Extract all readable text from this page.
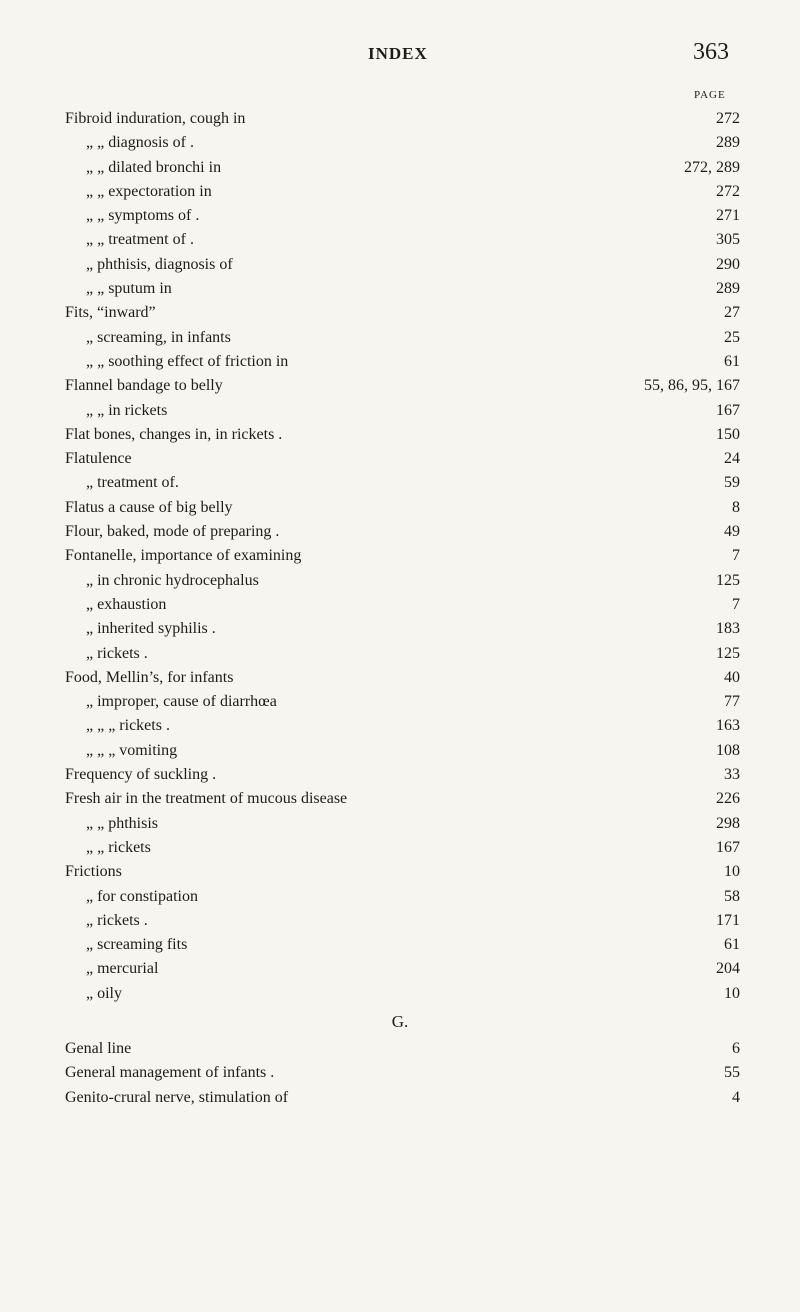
INDEX	363
PAGE
Fibroid induration, cough in	272
„ „ diagnosis of .	289
„ „ dilated bronchi in	272, 289
„ „ expectoration in	272
„ „ symptoms of .	271
„ „ treatment of .	305
„ phthisis, diagnosis of	290
„ „ sputum in	289
Fits, “inward”	27
„ screaming, in infants	25
„ „ soothing effect of friction in	61
Flannel bandage to belly	55, 86, 95, 167
„ „ in rickets	167
Flat bones, changes in, in rickets .	150
Flatulence	24
„ treatment of.	59
Flatus a cause of big belly	8
Flour, baked, mode of preparing .	49
Fontanelle, importance of examining	7
„ in chronic hydrocephalus	125
„ exhaustion	7
„ inherited syphilis .	183
„ rickets .	125
Food, Mellin’s, for infants	40
„ improper, cause of diarrhœa	77
„ „ „ rickets .	163
„ „ „ vomiting	108
Frequency of suckling .	33
Fresh air in the treatment of mucous disease	226
„ „ phthisis	298
„ „ rickets	167
Frictions	10
„ for constipation	58
„ rickets .	171
„ screaming fits	61
„ mercurial	204
„ oily	10
G.
Genal line	6
General management of infants .	55
Genito-crural nerve, stimulation of	4
